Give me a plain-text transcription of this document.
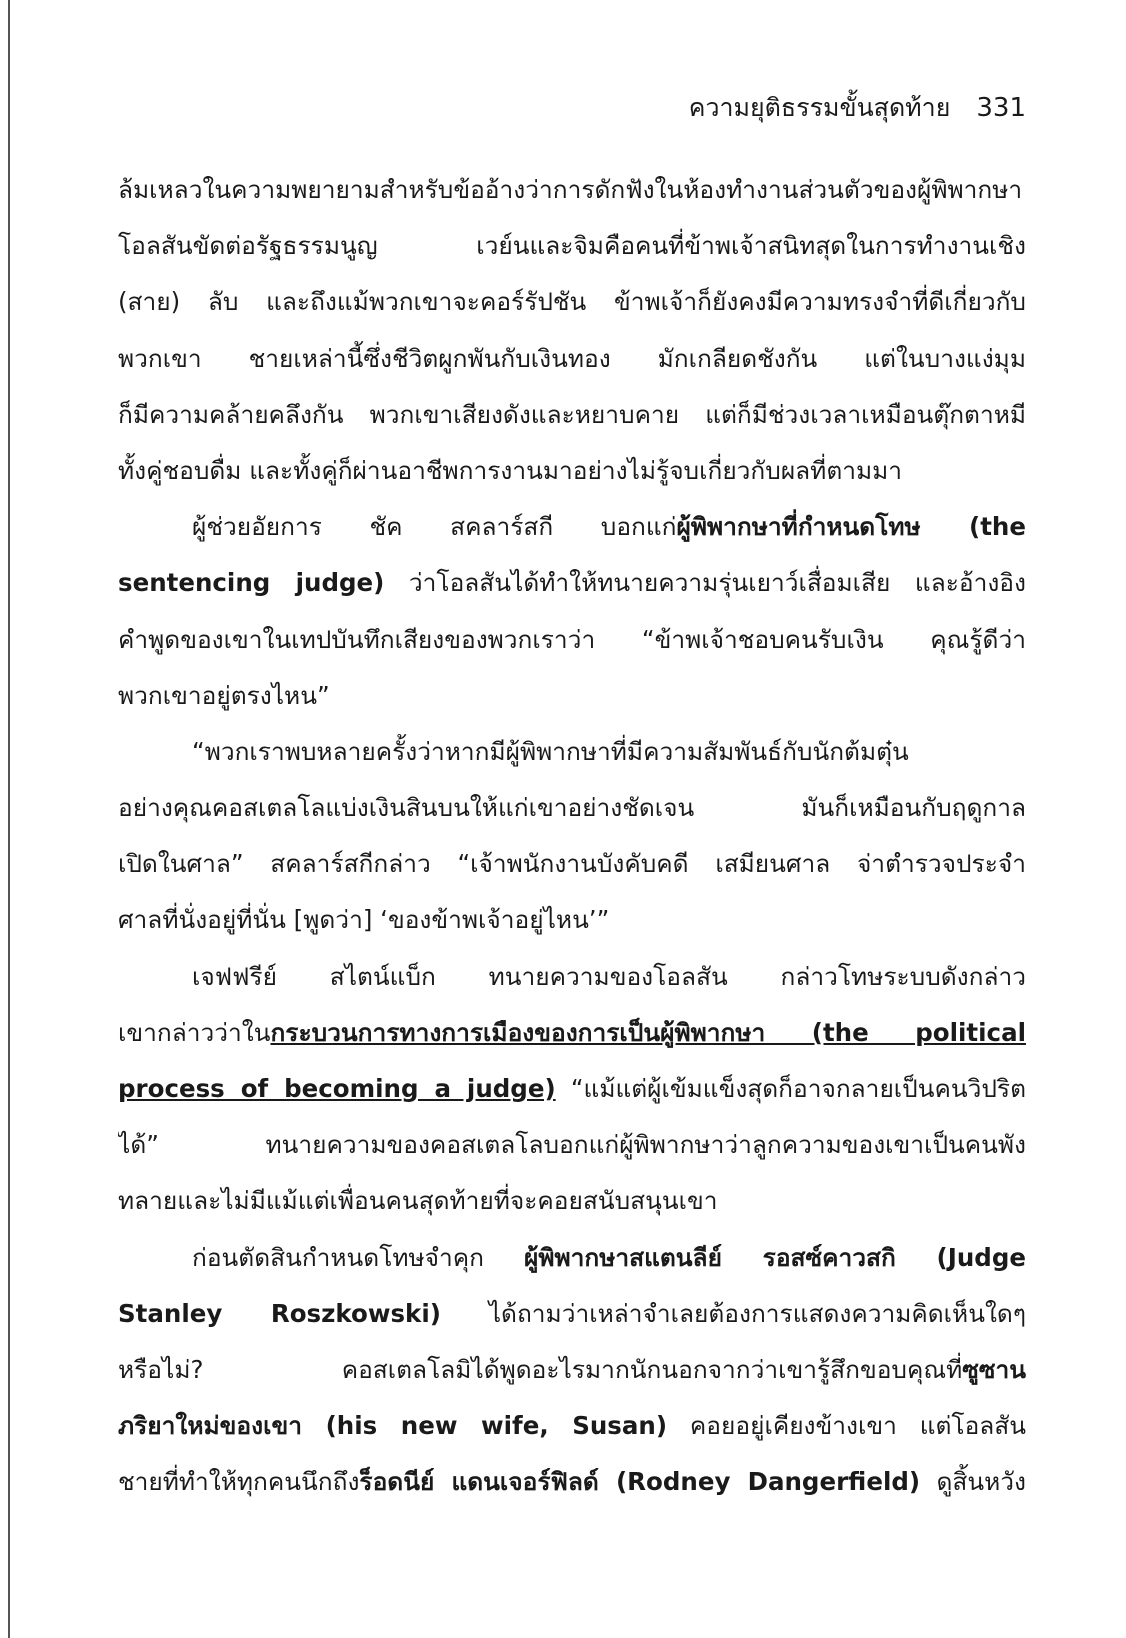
ความยุติธรรมขั้นสุดท้าย 331
ล้มเหลวในความพยายามสำหรับข้ออ้างว่าการดักฟังในห้องทำงานส่วนตัวของผู้พิพากษา
โอลสันขัดต่อรัฐธรรมนูญ เวย์นและจิมคือคนที่ข้าพเจ้าสนิทสุดในการทำงานเชิง
(สาย) ลับ และถึงแม้พวกเขาจะคอร์รัปชัน ข้าพเจ้าก็ยังคงมีความทรงจำที่ดีเกี่ยวกับ
พวกเขา ชายเหล่านี้ซึ่งชีวิตผูกพันกับเงินทอง มักเกลียดชังกัน แต่ในบางแง่มุม
ก็มีความคล้ายคลึงกัน พวกเขาเสียงดังและหยาบคาย แต่ก็มีช่วงเวลาเหมือนตุ๊กตาหมี
ทั้งคู่ชอบดื่ม และทั้งคู่ก็ผ่านอาชีพการงานมาอย่างไม่รู้จบเกี่ยวกับผลที่ตามมา
ผู้ช่วยอัยการ ชัค สคลาร์สกี บอกแก่ผู้พิพากษาที่กำหนดโทษ (the
sentencing judge) ว่าโอลสันได้ทำให้ทนายความรุ่นเยาว์เสื่อมเสีย และอ้างอิง
คำพูดของเขาในเทปบันทึกเสียงของพวกเราว่า “ข้าพเจ้าชอบคนรับเงิน คุณรู้ดีว่า
พวกเขาอยู่ตรงไหน”
“พวกเราพบหลายครั้งว่าหากมีผู้พิพากษาที่มีความสัมพันธ์กับนักต้มตุ๋น
อย่างคุณคอสเตลโลแบ่งเงินสินบนให้แก่เขาอย่างชัดเจน มันก็เหมือนกับฤดูกาล
เปิดในศาล” สคลาร์สกีกล่าว “เจ้าพนักงานบังคับคดี เสมียนศาล จ่าตำรวจประจำ
ศาลที่นั่งอยู่ที่นั่น [พูดว่า] ‘ของข้าพเจ้าอยู่ไหน’”
เจฟฟรีย์ สไตน์แบ็ก ทนายความของโอลสัน กล่าวโทษระบบดังกล่าว
เขากล่าวว่าในกระบวนการทางการเมืองของการเป็นผู้พิพากษา (the political
process of becoming a judge) “แม้แต่ผู้เข้มแข็งสุดก็อาจกลายเป็นคนวิปริต
ได้” ทนายความของคอสเตลโลบอกแก่ผู้พิพากษาว่าลูกความของเขาเป็นคนพัง
ทลายและไม่มีแม้แต่เพื่อนคนสุดท้ายที่จะคอยสนับสนุนเขา
ก่อนตัดสินกำหนดโทษจำคุก ผู้พิพากษาสแตนลีย์ รอสซ์คาวสกิ (Judge
Stanley Roszkowski) ได้ถามว่าเหล่าจำเลยต้องการแสดงความคิดเห็นใดๆ
หรือไม่? คอสเตลโลมิได้พูดอะไรมากนักนอกจากว่าเขารู้สึกขอบคุณที่ซูซาน
ภริยาใหม่ของเขา (his new wife, Susan) คอยอยู่เคียงข้างเขา แต่โอลสัน
ชายที่ทำให้ทุกคนนึกถึงร็อดนีย์ แดนเจอร์ฟิลด์ (Rodney Dangerfield) ดูสิ้นหวัง
